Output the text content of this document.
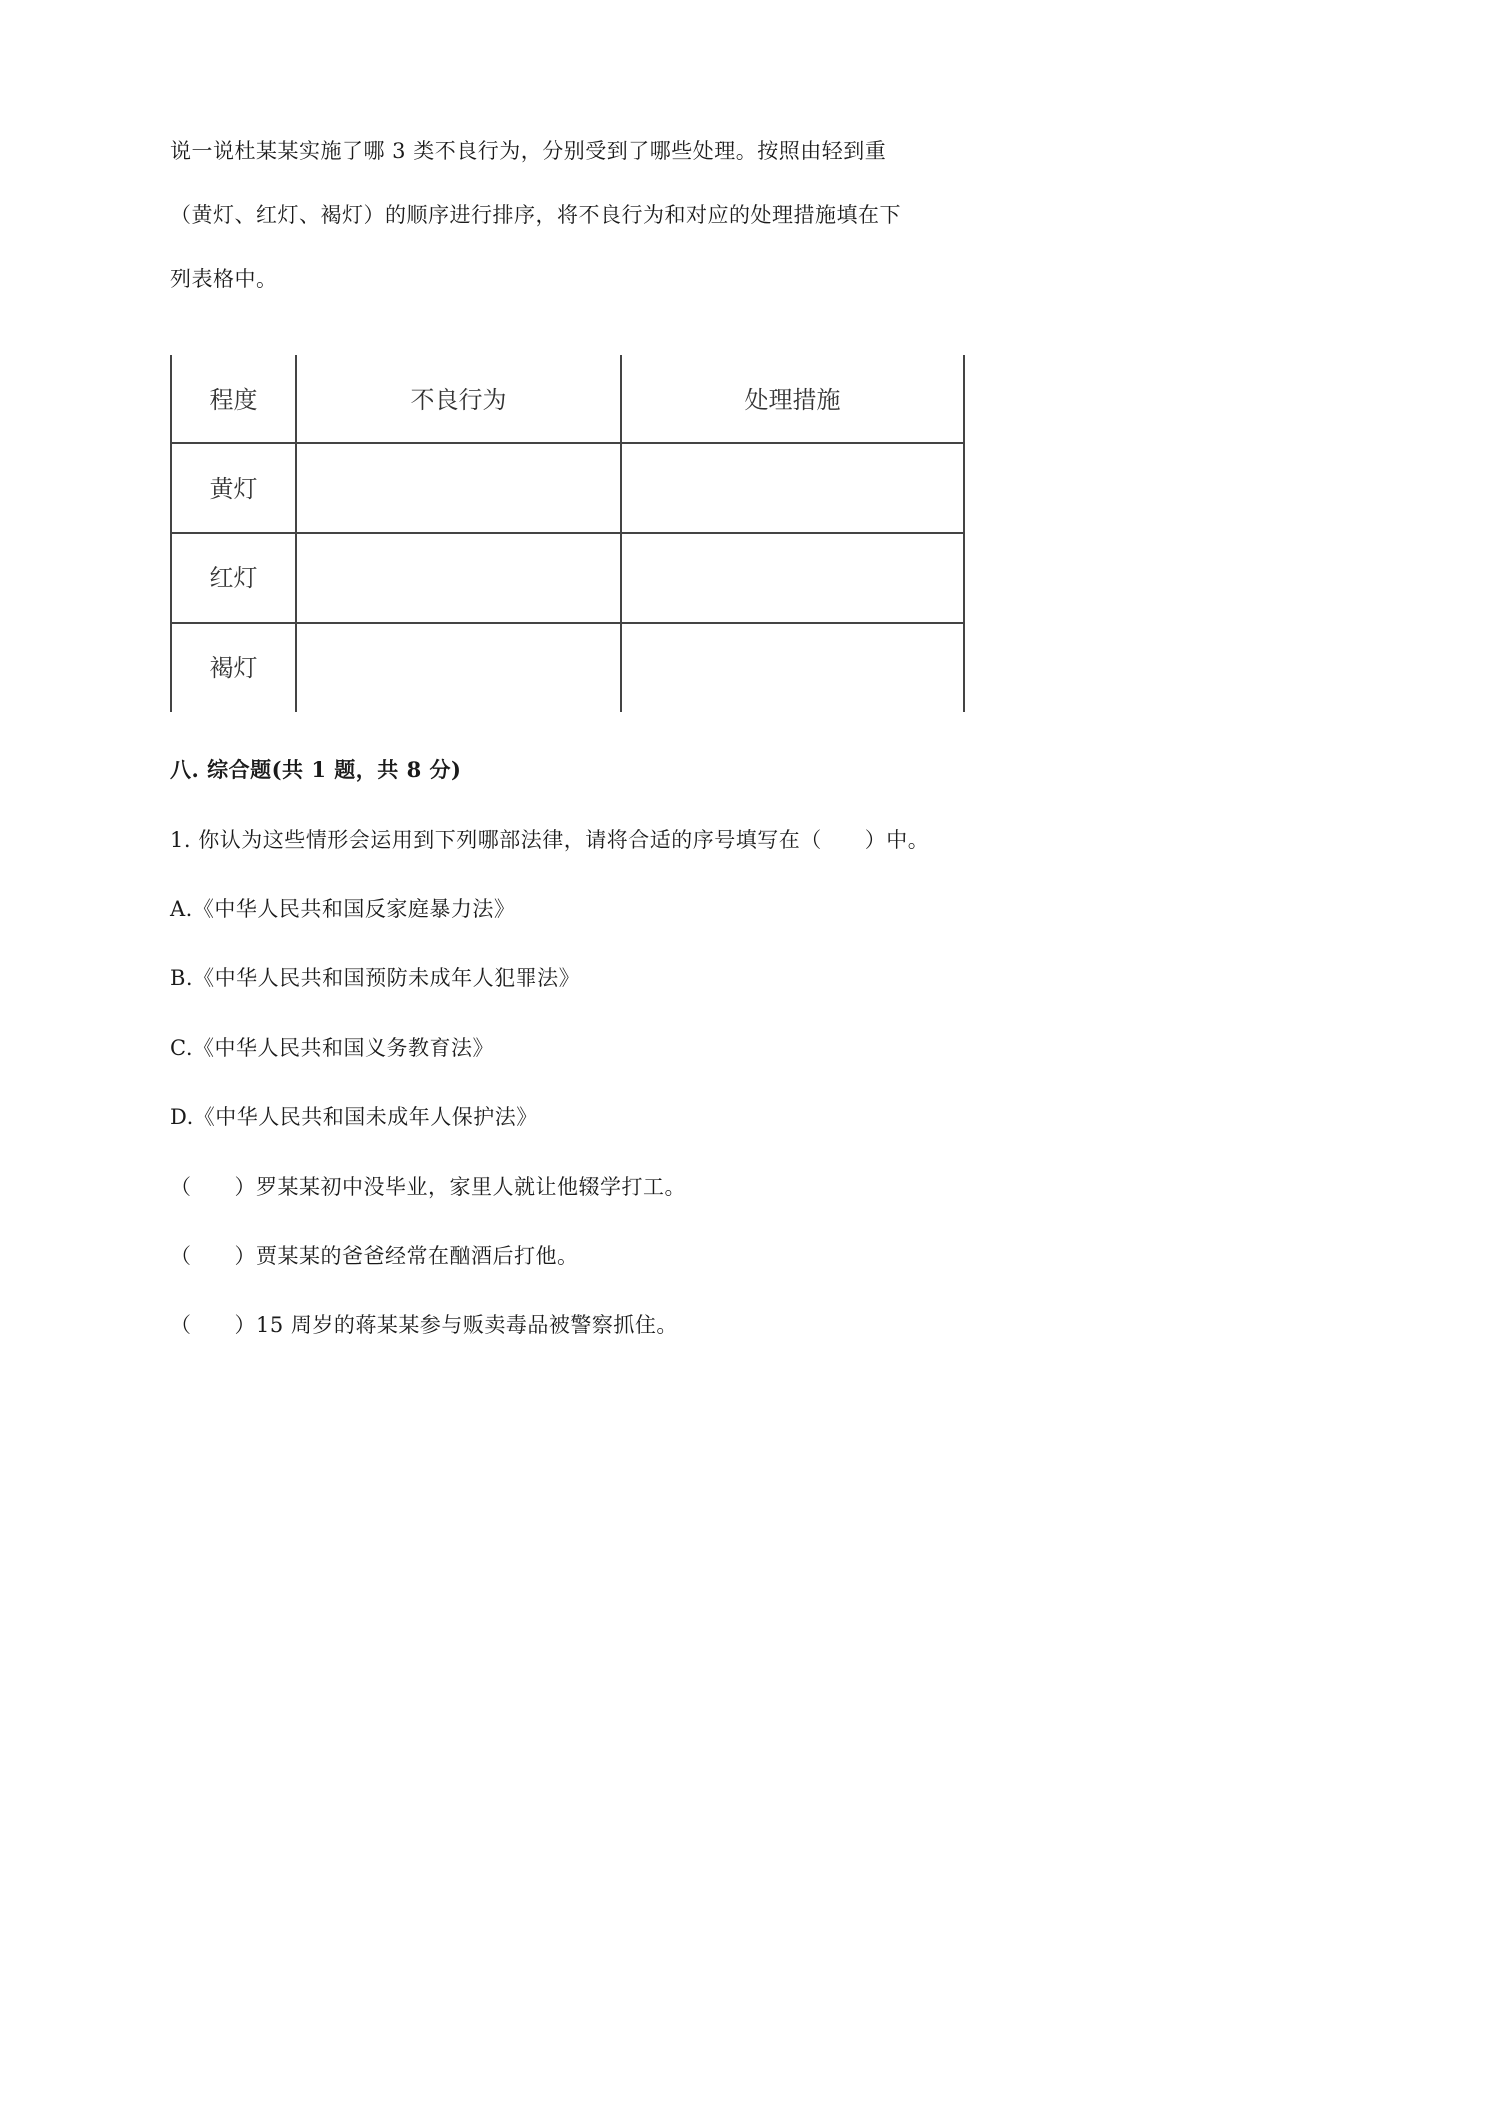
说一说杜某某实施了哪 3 类不良行为，分别受到了哪些处理。按照由轻到重
（黄灯、红灯、褐灯）的顺序进行排序，将不良行为和对应的处理措施填在下
列表格中。
程度	不良行为	处理措施
黄灯
红灯
褐灯
八. 综合题(共 1 题，共 8 分)
1. 你认为这些情形会运用到下列哪部法律，请将合适的序号填写在（　　）中。
A.《中华人民共和国反家庭暴力法》
B.《中华人民共和国预防未成年人犯罪法》
C.《中华人民共和国义务教育法》
D.《中华人民共和国未成年人保护法》
（　　）罗某某初中没毕业，家里人就让他辍学打工。
（　　）贾某某的爸爸经常在酗酒后打他。
（　　）15 周岁的蒋某某参与贩卖毒品被警察抓住。
